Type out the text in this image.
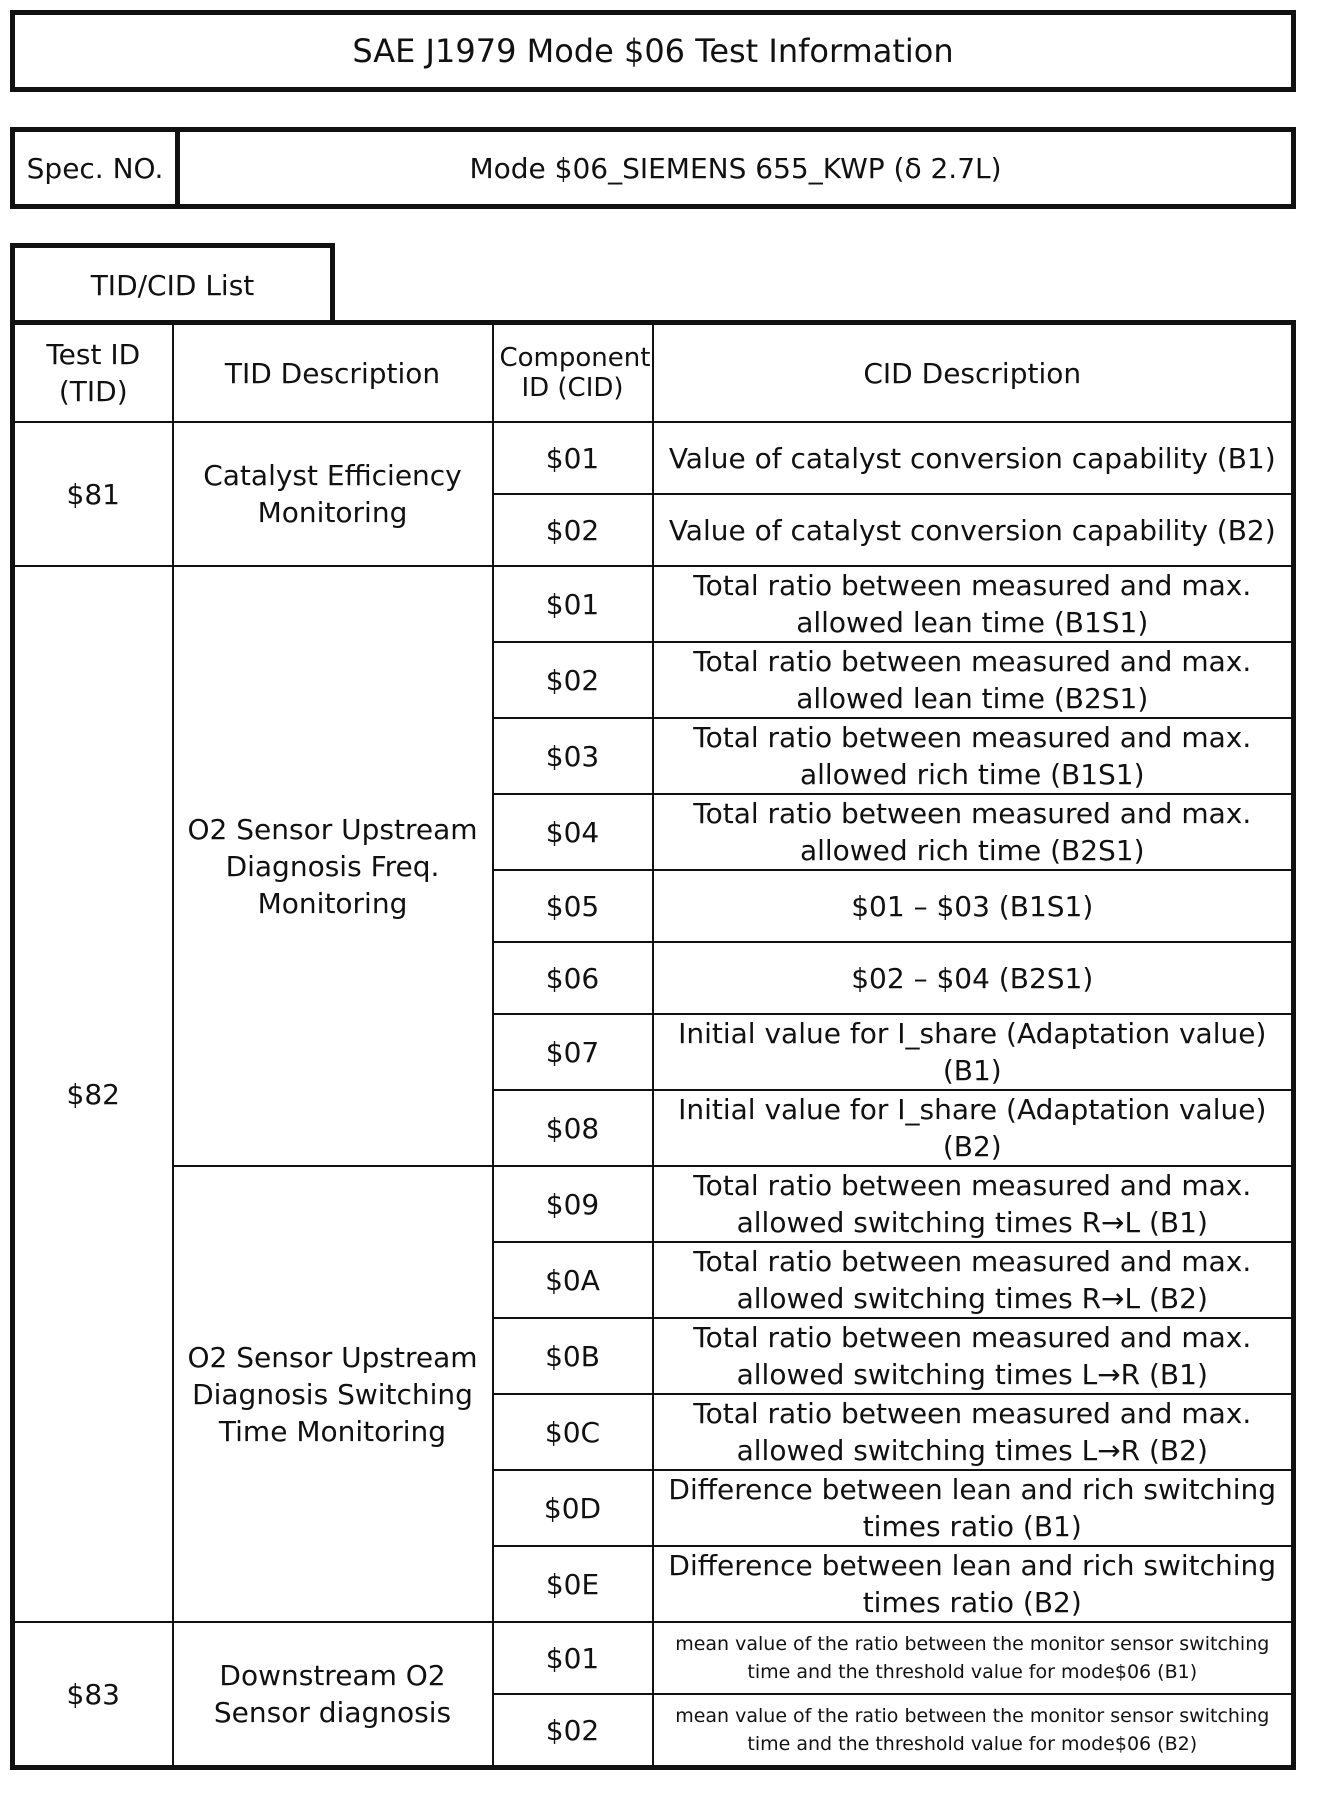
SAE J1979 Mode $06 Test Information
Spec. NO.	Mode $06_SIEMENS 655_KWP (δ 2.7L)
TID/CID List
Test ID (TID)	TID Description	Component ID (CID)	CID Description
$81	Catalyst Efficiency Monitoring	$01	Value of catalyst conversion capability (B1)
		$02	Value of catalyst conversion capability (B2)
$82	O2 Sensor Upstream Diagnosis Freq. Monitoring	$01	Total ratio between measured and max. allowed lean time (B1S1)
		$02	Total ratio between measured and max. allowed lean time (B2S1)
		$03	Total ratio between measured and max. allowed rich time (B1S1)
		$04	Total ratio between measured and max. allowed rich time (B2S1)
		$05	$01 – $03 (B1S1)
		$06	$02 – $04 (B2S1)
		$07	Initial value for I_share (Adaptation value) (B1)
		$08	Initial value for I_share (Adaptation value) (B2)
	O2 Sensor Upstream Diagnosis Switching Time Monitoring	$09	Total ratio between measured and max. allowed switching times R→L (B1)
		$0A	Total ratio between measured and max. allowed switching times R→L (B2)
		$0B	Total ratio between measured and max. allowed switching times L→R (B1)
		$0C	Total ratio between measured and max. allowed switching times L→R (B2)
		$0D	Difference between lean and rich switching times ratio (B1)
		$0E	Difference between lean and rich switching times ratio (B2)
$83	Downstream O2 Sensor diagnosis	$01	mean value of the ratio between the monitor sensor switching time and the threshold value for mode$06 (B1)
		$02	mean value of the ratio between the monitor sensor switching time and the threshold value for mode$06 (B2)
